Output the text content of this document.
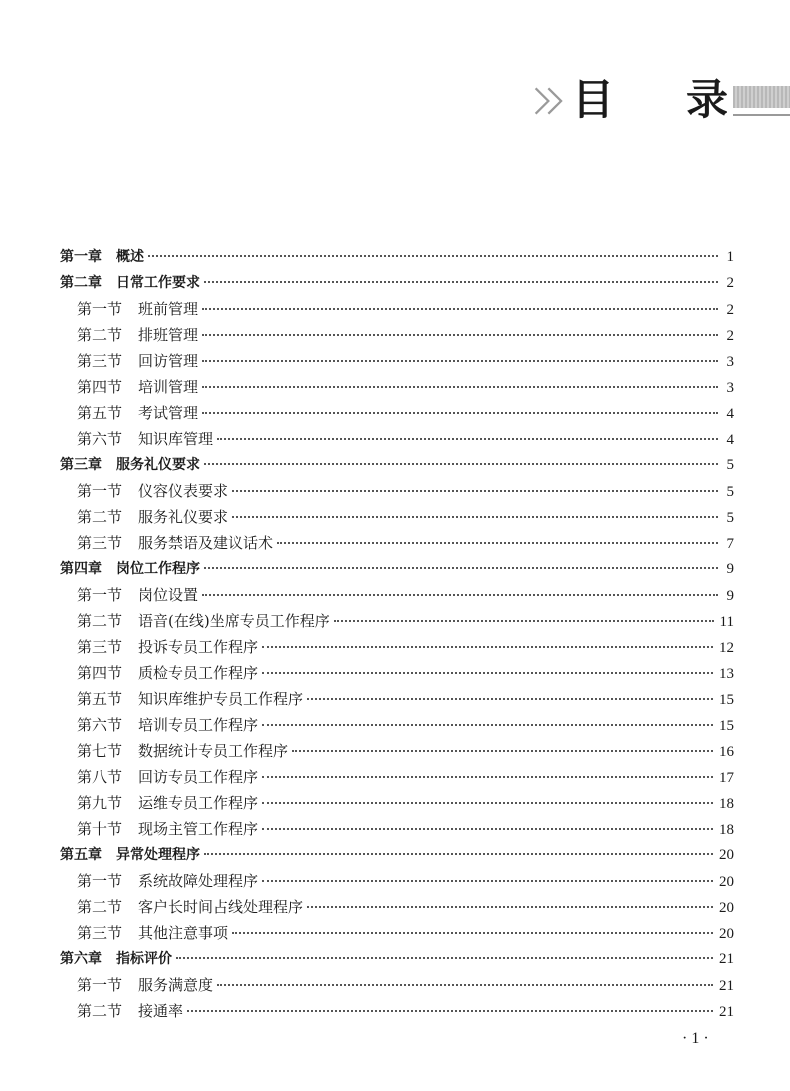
目 录
第一章 概述	1
第二章 日常工作要求	2
第一节 班前管理	2
第二节 排班管理	2
第三节 回访管理	3
第四节 培训管理	3
第五节 考试管理	4
第六节 知识库管理	4
第三章 服务礼仪要求	5
第一节 仪容仪表要求	5
第二节 服务礼仪要求	5
第三节 服务禁语及建议话术	7
第四章 岗位工作程序	9
第一节 岗位设置	9
第二节 语音(在线)坐席专员工作程序	11
第三节 投诉专员工作程序	12
第四节 质检专员工作程序	13
第五节 知识库维护专员工作程序	15
第六节 培训专员工作程序	15
第七节 数据统计专员工作程序	16
第八节 回访专员工作程序	17
第九节 运维专员工作程序	18
第十节 现场主管工作程序	18
第五章 异常处理程序	20
第一节 系统故障处理程序	20
第二节 客户长时间占线处理程序	20
第三节 其他注意事项	20
第六章 指标评价	21
第一节 服务满意度	21
第二节 接通率	21
· 1 ·
